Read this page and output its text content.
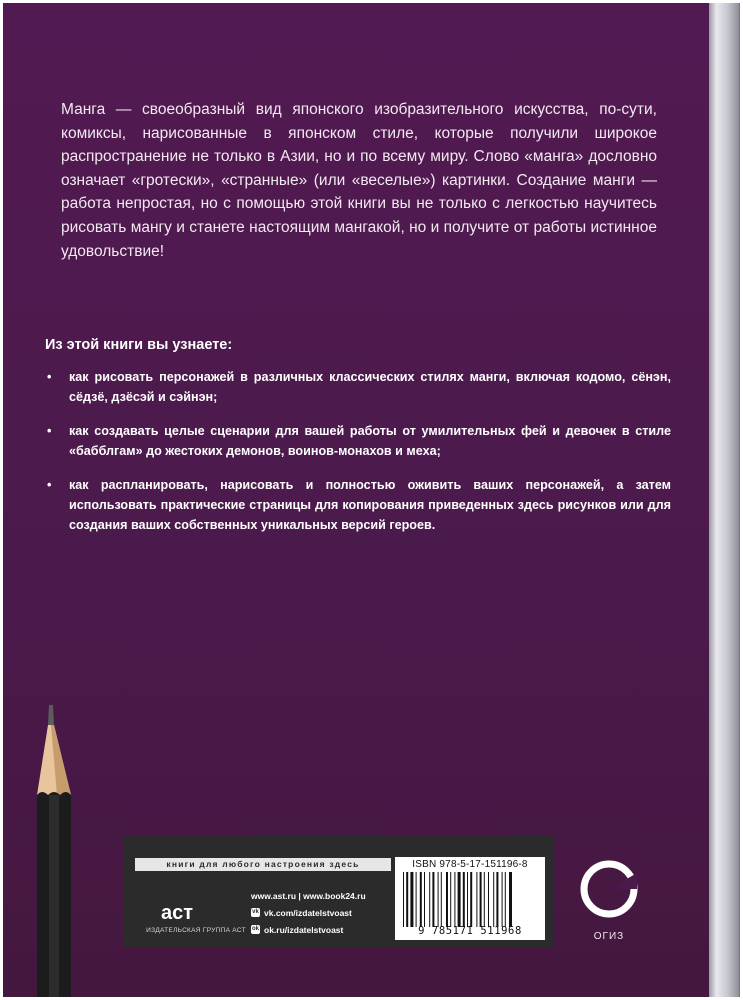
Манга — своеобразный вид японского изобразительного искусства, по-сути, комиксы, нарисованные в японском стиле, которые получили широкое распространение не только в Азии, но и по всему миру. Слово «манга» дословно означает «гротески», «странные» (или «веселые») картинки. Создание манги — работа непростая, но с помощью этой книги вы не только с легкостью научитесь рисовать мангу и станете настоящим мангакой, но и получите от работы истинное удовольствие!

Из этой книги вы узнаете:
• как рисовать персонажей в различных классических стилях манги, включая кодомо, сёнэн, сёдзё, дзёсэй и сэйнэн;
• как создавать целые сценарии для вашей работы от умилительных фей и девочек в стиле «бабблгам» до жестоких демонов, воинов-монахов и меха;
• как распланировать, нарисовать и полностью оживить ваших персонажей, а затем использовать практические страницы для копирования приведенных здесь рисунков или для создания ваших собственных уникальных версий героев.
книги для любого настроения здесь
аст
ИЗДАТЕЛЬСКАЯ ГРУППА АСТ
www.ast.ru | www.book24.ru
vk vk.com/izdatelstvoast
ok ok.ru/izdatelstvoast
ISBN 978-5-17-151196-8
9 785171 511968	ОГИЗ
